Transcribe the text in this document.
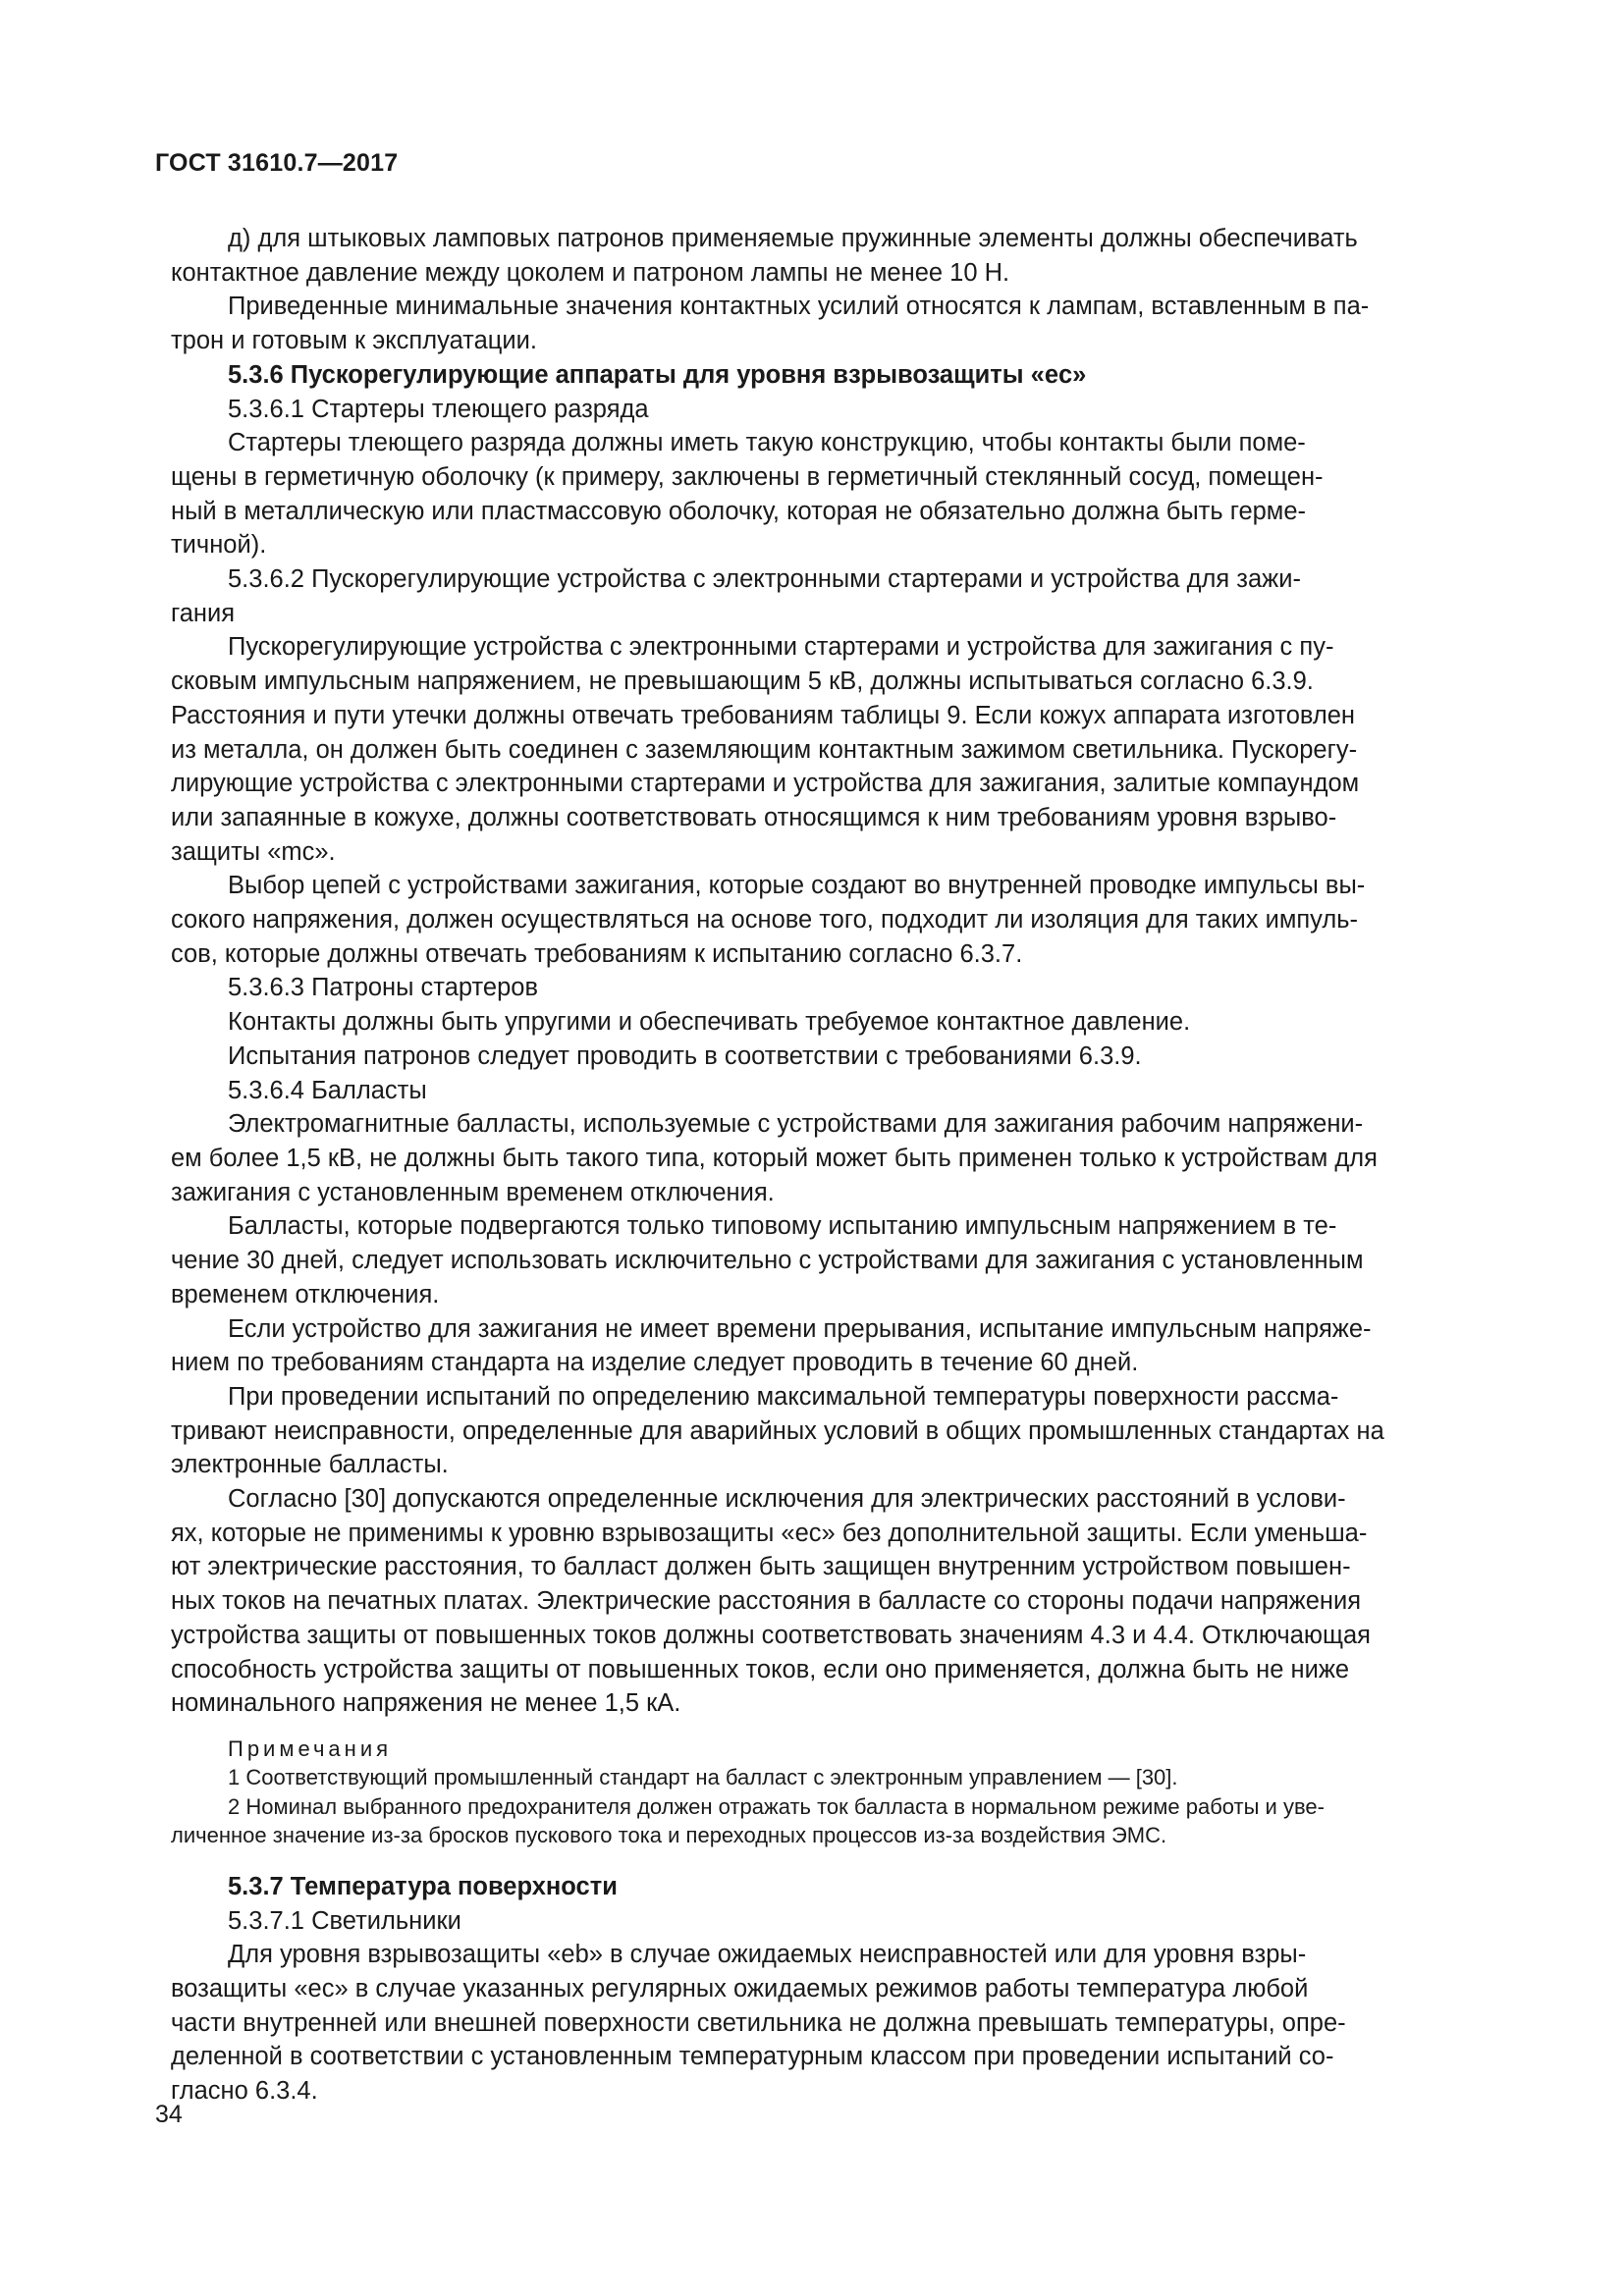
ГОСТ 31610.7—2017

д) для штыковых ламповых патронов применяемые пружинные элементы должны обеспечивать
контактное давление между цоколем и патроном лампы не менее 10 Н.

Приведенные минимальные значения контактных усилий относятся к лампам, вставленным в па-
трон и готовым к эксплуатации.

5.3.6 Пускорегулирующие аппараты для уровня взрывозащиты «ec»

5.3.6.1 Стартеры тлеющего разряда

Стартеры тлеющего разряда должны иметь такую конструкцию, чтобы контакты были поме-
щены в герметичную оболочку (к примеру, заключены в герметичный стеклянный сосуд, помещен-
ный в металлическую или пластмассовую оболочку, которая не обязательно должна быть герме-
тичной).

5.3.6.2 Пускорегулирующие устройства с электронными стартерами и устройства для зажи-
гания

Пускорегулирующие устройства с электронными стартерами и устройства для зажигания с пу-
сковым импульсным напряжением, не превышающим 5 кВ, должны испытываться согласно 6.3.9.
Расстояния и пути утечки должны отвечать требованиям таблицы 9. Если кожух аппарата изготовлен
из металла, он должен быть соединен с заземляющим контактным зажимом светильника. Пускорегу-
лирующие устройства с электронными стартерами и устройства для зажигания, залитые компаундом
или запаянные в кожухе, должны соответствовать относящимся к ним требованиям уровня взрыво-
защиты «mc».

Выбор цепей с устройствами зажигания, которые создают во внутренней проводке импульсы вы-
сокого напряжения, должен осуществляться на основе того, подходит ли изоляция для таких импуль-
сов, которые должны отвечать требованиям к испытанию согласно 6.3.7.

5.3.6.3 Патроны стартеров

Контакты должны быть упругими и обеспечивать требуемое контактное давление.

Испытания патронов следует проводить в соответствии с требованиями 6.3.9.

5.3.6.4 Балласты

Электромагнитные балласты, используемые с устройствами для зажигания рабочим напряжени-
ем более 1,5 кВ, не должны быть такого типа, который может быть применен только к устройствам для
зажигания с установленным временем отключения.

Балласты, которые подвергаются только типовому испытанию импульсным напряжением в те-
чение 30 дней, следует использовать исключительно с устройствами для зажигания с установленным
временем отключения.

Если устройство для зажигания не имеет времени прерывания, испытание импульсным напряже-
нием по требованиям стандарта на изделие следует проводить в течение 60 дней.

При проведении испытаний по определению максимальной температуры поверхности рассма-
тривают неисправности, определенные для аварийных условий в общих промышленных стандартах на
электронные балласты.

Согласно [30] допускаются определенные исключения для электрических расстояний в услови-
ях, которые не применимы к уровню взрывозащиты «ec» без дополнительной защиты. Если уменьша-
ют электрические расстояния, то балласт должен быть защищен внутренним устройством повышен-
ных токов на печатных платах. Электрические расстояния в балласте со стороны подачи напряжения
устройства защиты от повышенных токов должны соответствовать значениям 4.3 и 4.4. Отключающая
способность устройства защиты от повышенных токов, если оно применяется, должна быть не ниже
номинального напряжения не менее 1,5 кА.

Примечания

1 Соответствующий промышленный стандарт на балласт с электронным управлением — [30].

2 Номинал выбранного предохранителя должен отражать ток балласта в нормальном режиме работы и уве-
личенное значение из-за бросков пускового тока и переходных процессов из-за воздействия ЭМС.

5.3.7 Температура поверхности

5.3.7.1 Светильники

Для уровня взрывозащиты «eb» в случае ожидаемых неисправностей или для уровня взры-
возащиты «ec» в случае указанных регулярных ожидаемых режимов работы температура любой
части внутренней или внешней поверхности светильника не должна превышать температуры, опре-
деленной в соответствии с установленным температурным классом при проведении испытаний со-
гласно 6.3.4.

34
